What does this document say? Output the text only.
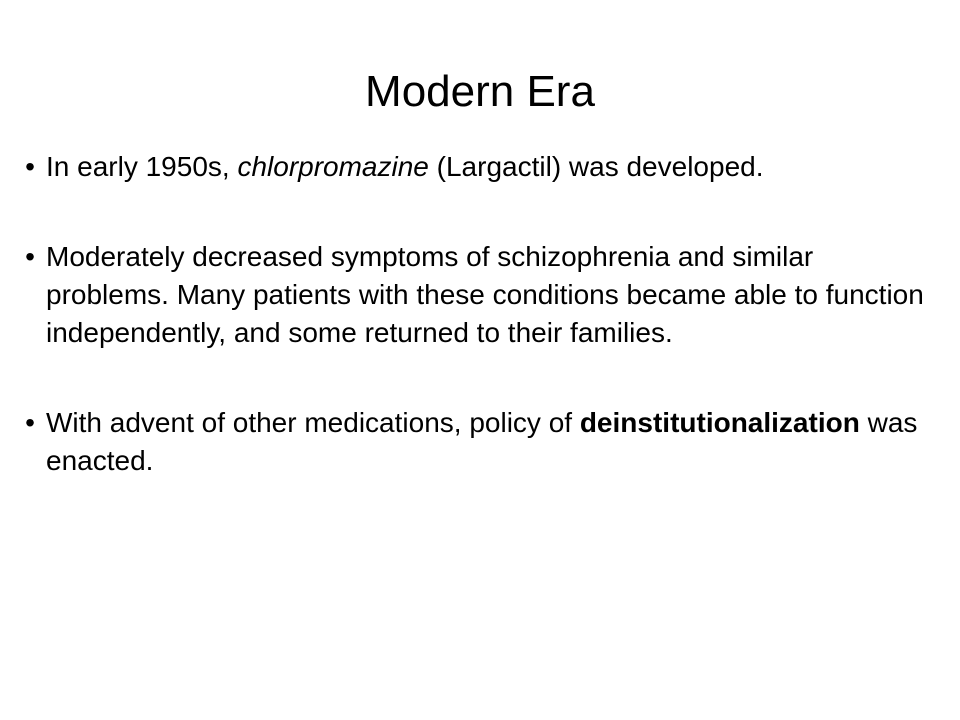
Modern Era
• In early 1950s, chlorpromazine (Largactil) was developed.
• Moderately decreased symptoms of schizophrenia and similar problems. Many patients with these conditions became able to function independently, and some returned to their families.
• With advent of other medications, policy of deinstitutionalization was enacted.
